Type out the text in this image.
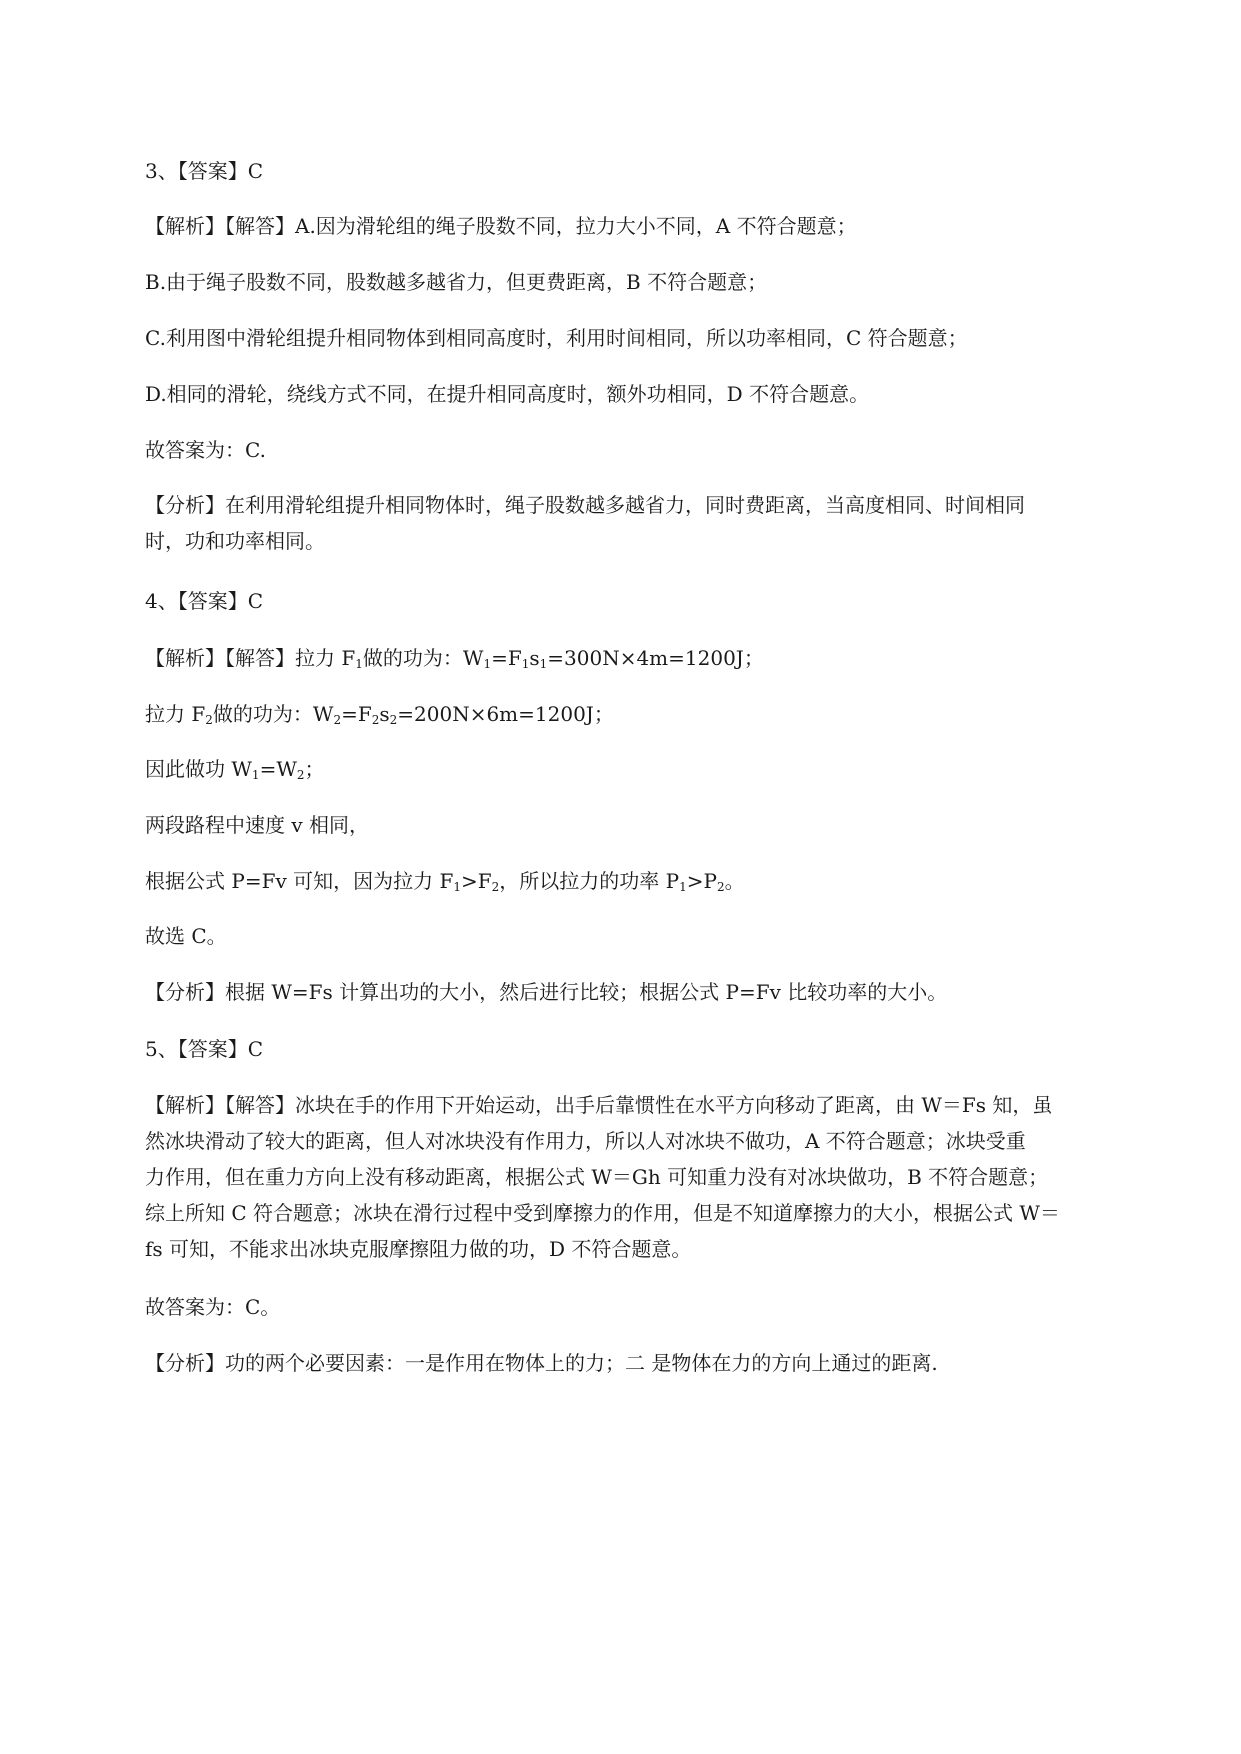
3、【答案】C
【解析】【解答】A.因为滑轮组的绳子股数不同，拉力大小不同，A 不符合题意；
B.由于绳子股数不同，股数越多越省力，但更费距离，B 不符合题意；
C.利用图中滑轮组提升相同物体到相同高度时，利用时间相同，所以功率相同，C 符合题意；
D.相同的滑轮，绕线方式不同，在提升相同高度时，额外功相同，D 不符合题意。
故答案为：C.
【分析】在利用滑轮组提升相同物体时，绳子股数越多越省力，同时费距离，当高度相同、时间相同
时，功和功率相同。
4、【答案】C
【解析】【解答】拉力 $F_1$做的功为：$W_1=F_1s_1=300N\times 4m=1200J$；
拉力 $F_2$做的功为：$W_2=F_2s_2=200N\times 6m=1200J$；
因此做功 $W_1=W_2$；
两段路程中速度 v 相同，
根据公式 P=Fv 可知，因为拉力 $F_1>F_2$，所以拉力的功率 $P_1>P_2$。
故选 C。
【分析】根据 W=Fs 计算出功的大小，然后进行比较；根据公式 P=Fv 比较功率的大小。
5、【答案】C
【解析】【解答】冰块在手的作用下开始运动，出手后靠惯性在水平方向移动了距离，由 W＝Fs 知，虽
然冰块滑动了较大的距离，但人对冰块没有作用力，所以人对冰块不做功，A 不符合题意；冰块受重
力作用，但在重力方向上没有移动距离，根据公式 W＝Gh 可知重力没有对冰块做功，B 不符合题意；
综上所知 C 符合题意；冰块在滑行过程中受到摩擦力的作用，但是不知道摩擦力的大小，根据公式 W＝
fs 可知，不能求出冰块克服摩擦阻力做的功，D 不符合题意。
故答案为：C。
【分析】功的两个必要因素：一是作用在物体上的力；二 是物体在力的方向上通过的距离.
